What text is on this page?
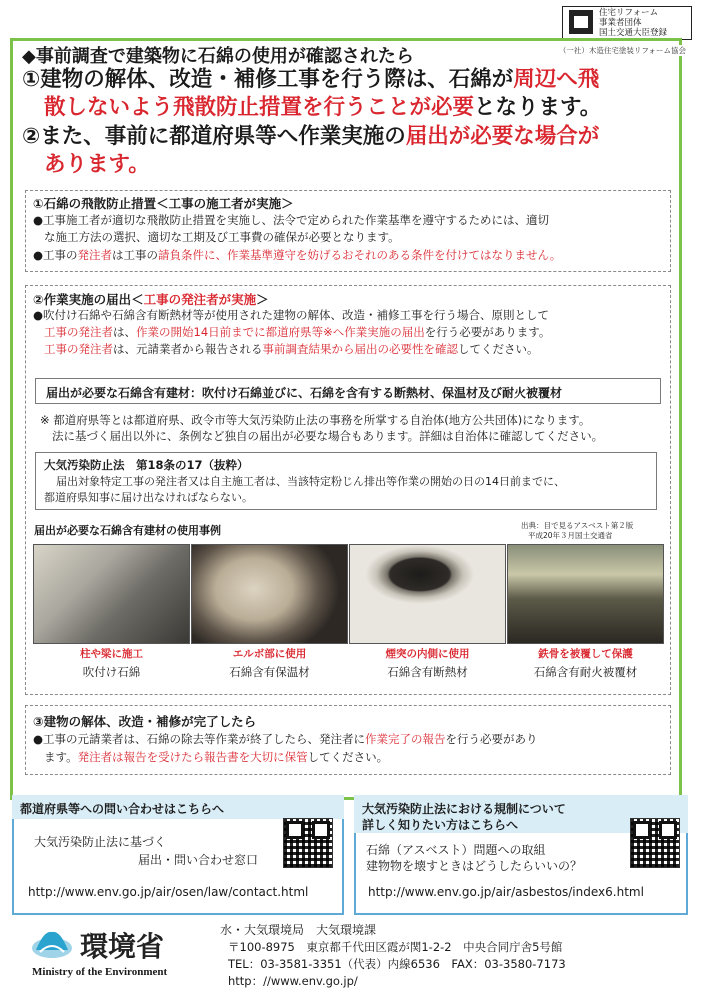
住宅リフォーム
事業者団体
国土交通大臣登録
（一社）木造住宅塗装リフォーム協会
◆事前調査で建築物に石綿の使用が確認されたら
①建物の解体、改造・補修工事を行う際は、石綿が周辺へ飛
散しないよう飛散防止措置を行うことが必要となります。
②また、事前に都道府県等へ作業実施の届出が必要な場合が
あります。
①石綿の飛散防止措置＜工事の施工者が実施＞
●工事施工者が適切な飛散防止措置を実施し、法令で定められた作業基準を遵守するためには、適切
な施工方法の選択、適切な工期及び工事費の確保が必要となります。
●工事の発注者は工事の請負条件に、作業基準遵守を妨げるおそれのある条件を付けてはなりません。
②作業実施の届出＜工事の発注者が実施＞
●吹付け石綿や石綿含有断熱材等が使用された建物の解体、改造・補修工事を行う場合、原則として
工事の発注者は、作業の開始14日前までに都道府県等※へ作業実施の届出を行う必要があります。
工事の発注者は、元請業者から報告される事前調査結果から届出の必要性を確認してください。
届出が必要な石綿含有建材：吹付け石綿並びに、石綿を含有する断熱材、保温材及び耐火被覆材
※ 都道府県等とは都道府県、政令市等大気汚染防止法の事務を所掌する自治体(地方公共団体)になります。
法に基づく届出以外に、条例など独自の届出が必要な場合もあります。詳細は自治体に確認してください。
大気汚染防止法　第18条の17（抜粋）
届出対象特定工事の発注者又は自主施工者は、当該特定粉じん排出等作業の開始の日の14日前までに、
都道府県知事に届け出なければならない。
届出が必要な石綿含有建材の使用事例	出典：目で見るアスベスト第２版
平成20年３月国土交通省
柱や梁に施工
吹付け石綿
エルボ部に使用
石綿含有保温材
煙突の内側に使用
石綿含有断熱材
鉄骨を被覆して保護
石綿含有耐火被覆材
③建物の解体、改造・補修が完了したら
●工事の元請業者は、石綿の除去等作業が終了したら、発注者に作業完了の報告を行う必要があり
ます。発注者は報告を受けたら報告書を大切に保管してください。
都道府県等への問い合わせはこちらへ
大気汚染防止法に基づく
届出・問い合わせ窓口
http://www.env.go.jp/air/osen/law/contact.html
大気汚染防止法における規制について
詳しく知りたい方はこちらへ
石綿（アスベスト）問題への取組
建物物を壊すときはどうしたらいいの？
http://www.env.go.jp/air/asbestos/index6.html
環境省
Ministry of the Environment
水・大気環境局　大気環境課
〒100-8975　東京都千代田区霞が関1-2-2　中央合同庁舎5号館
TEL：03-3581-3351（代表）内線6536　FAX：03-3580-7173
http：//www.env.go.jp/
